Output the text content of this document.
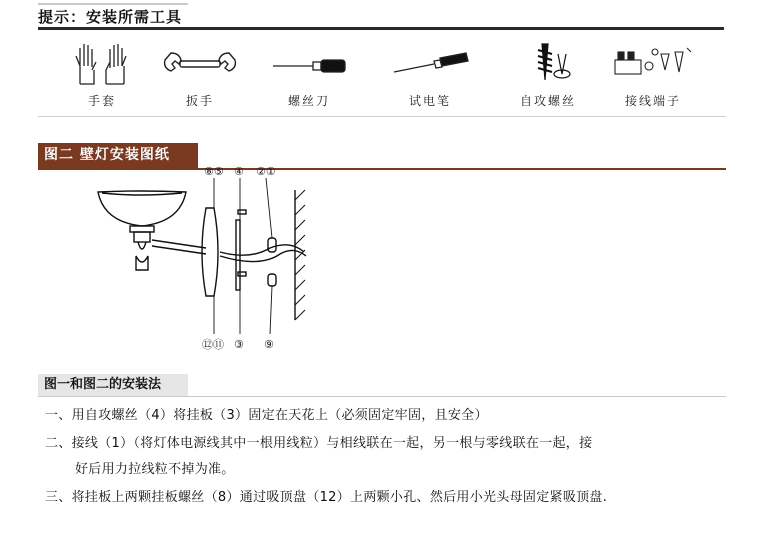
提示：安装所需工具
手套	扳手	螺丝刀	试电笔	自攻螺丝	接线端子
图二 壁灯安装图纸
⑧⑤ ④ ②①
⑫⑪ ③ ⑨
图一和图二的安装法
一、用自攻螺丝（4）将挂板（3）固定在天花上（必须固定牢固，且安全）
二、接线（1）（将灯体电源线其中一根用线粒）与相线联在一起，另一根与零线联在一起，接
好后用力拉线粒不掉为准。
三、将挂板上两颗挂板螺丝（8）通过吸顶盘（12）上两颗小孔、然后用小光头母固定紧吸顶盘.
